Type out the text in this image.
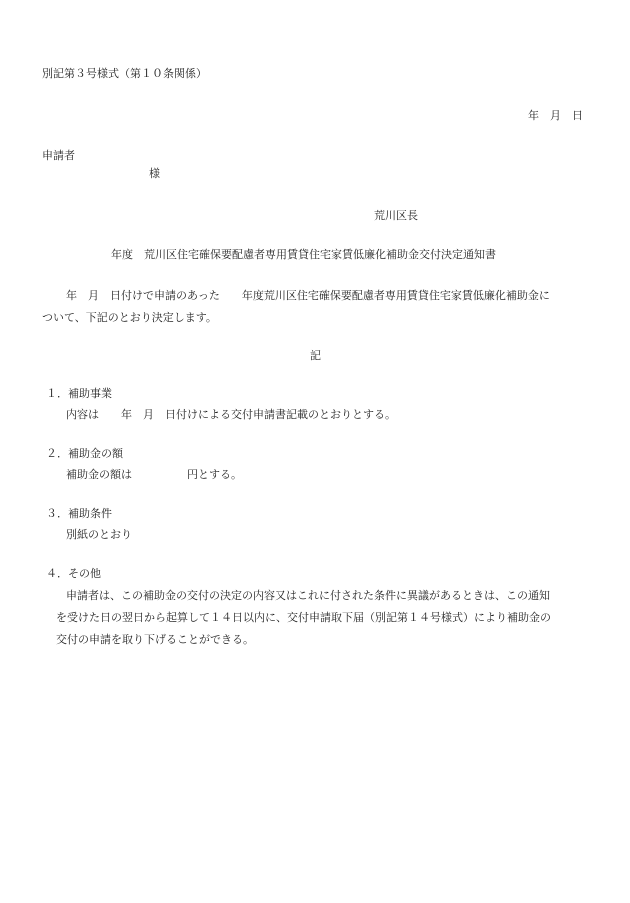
別記第３号様式（第１０条関係）
年　月　日
申請者
様
荒川区長
年度　荒川区住宅確保要配慮者専用賃貸住宅家賃低廉化補助金交付決定通知書
年　月　日付けで申請のあった　　年度荒川区住宅確保要配慮者専用賃貸住宅家賃低廉化補助金に
ついて、下記のとおり決定します。
記
１．補助事業
内容は　　年　月　日付けによる交付申請書記載のとおりとする。
２．補助金の額
補助金の額は　　　　　円とする。
３．補助条件
別紙のとおり
４．その他
申請者は、この補助金の交付の決定の内容又はこれに付された条件に異議があるときは、この通知
を受けた日の翌日から起算して１４日以内に、交付申請取下届（別記第１４号様式）により補助金の
交付の申請を取り下げることができる。
